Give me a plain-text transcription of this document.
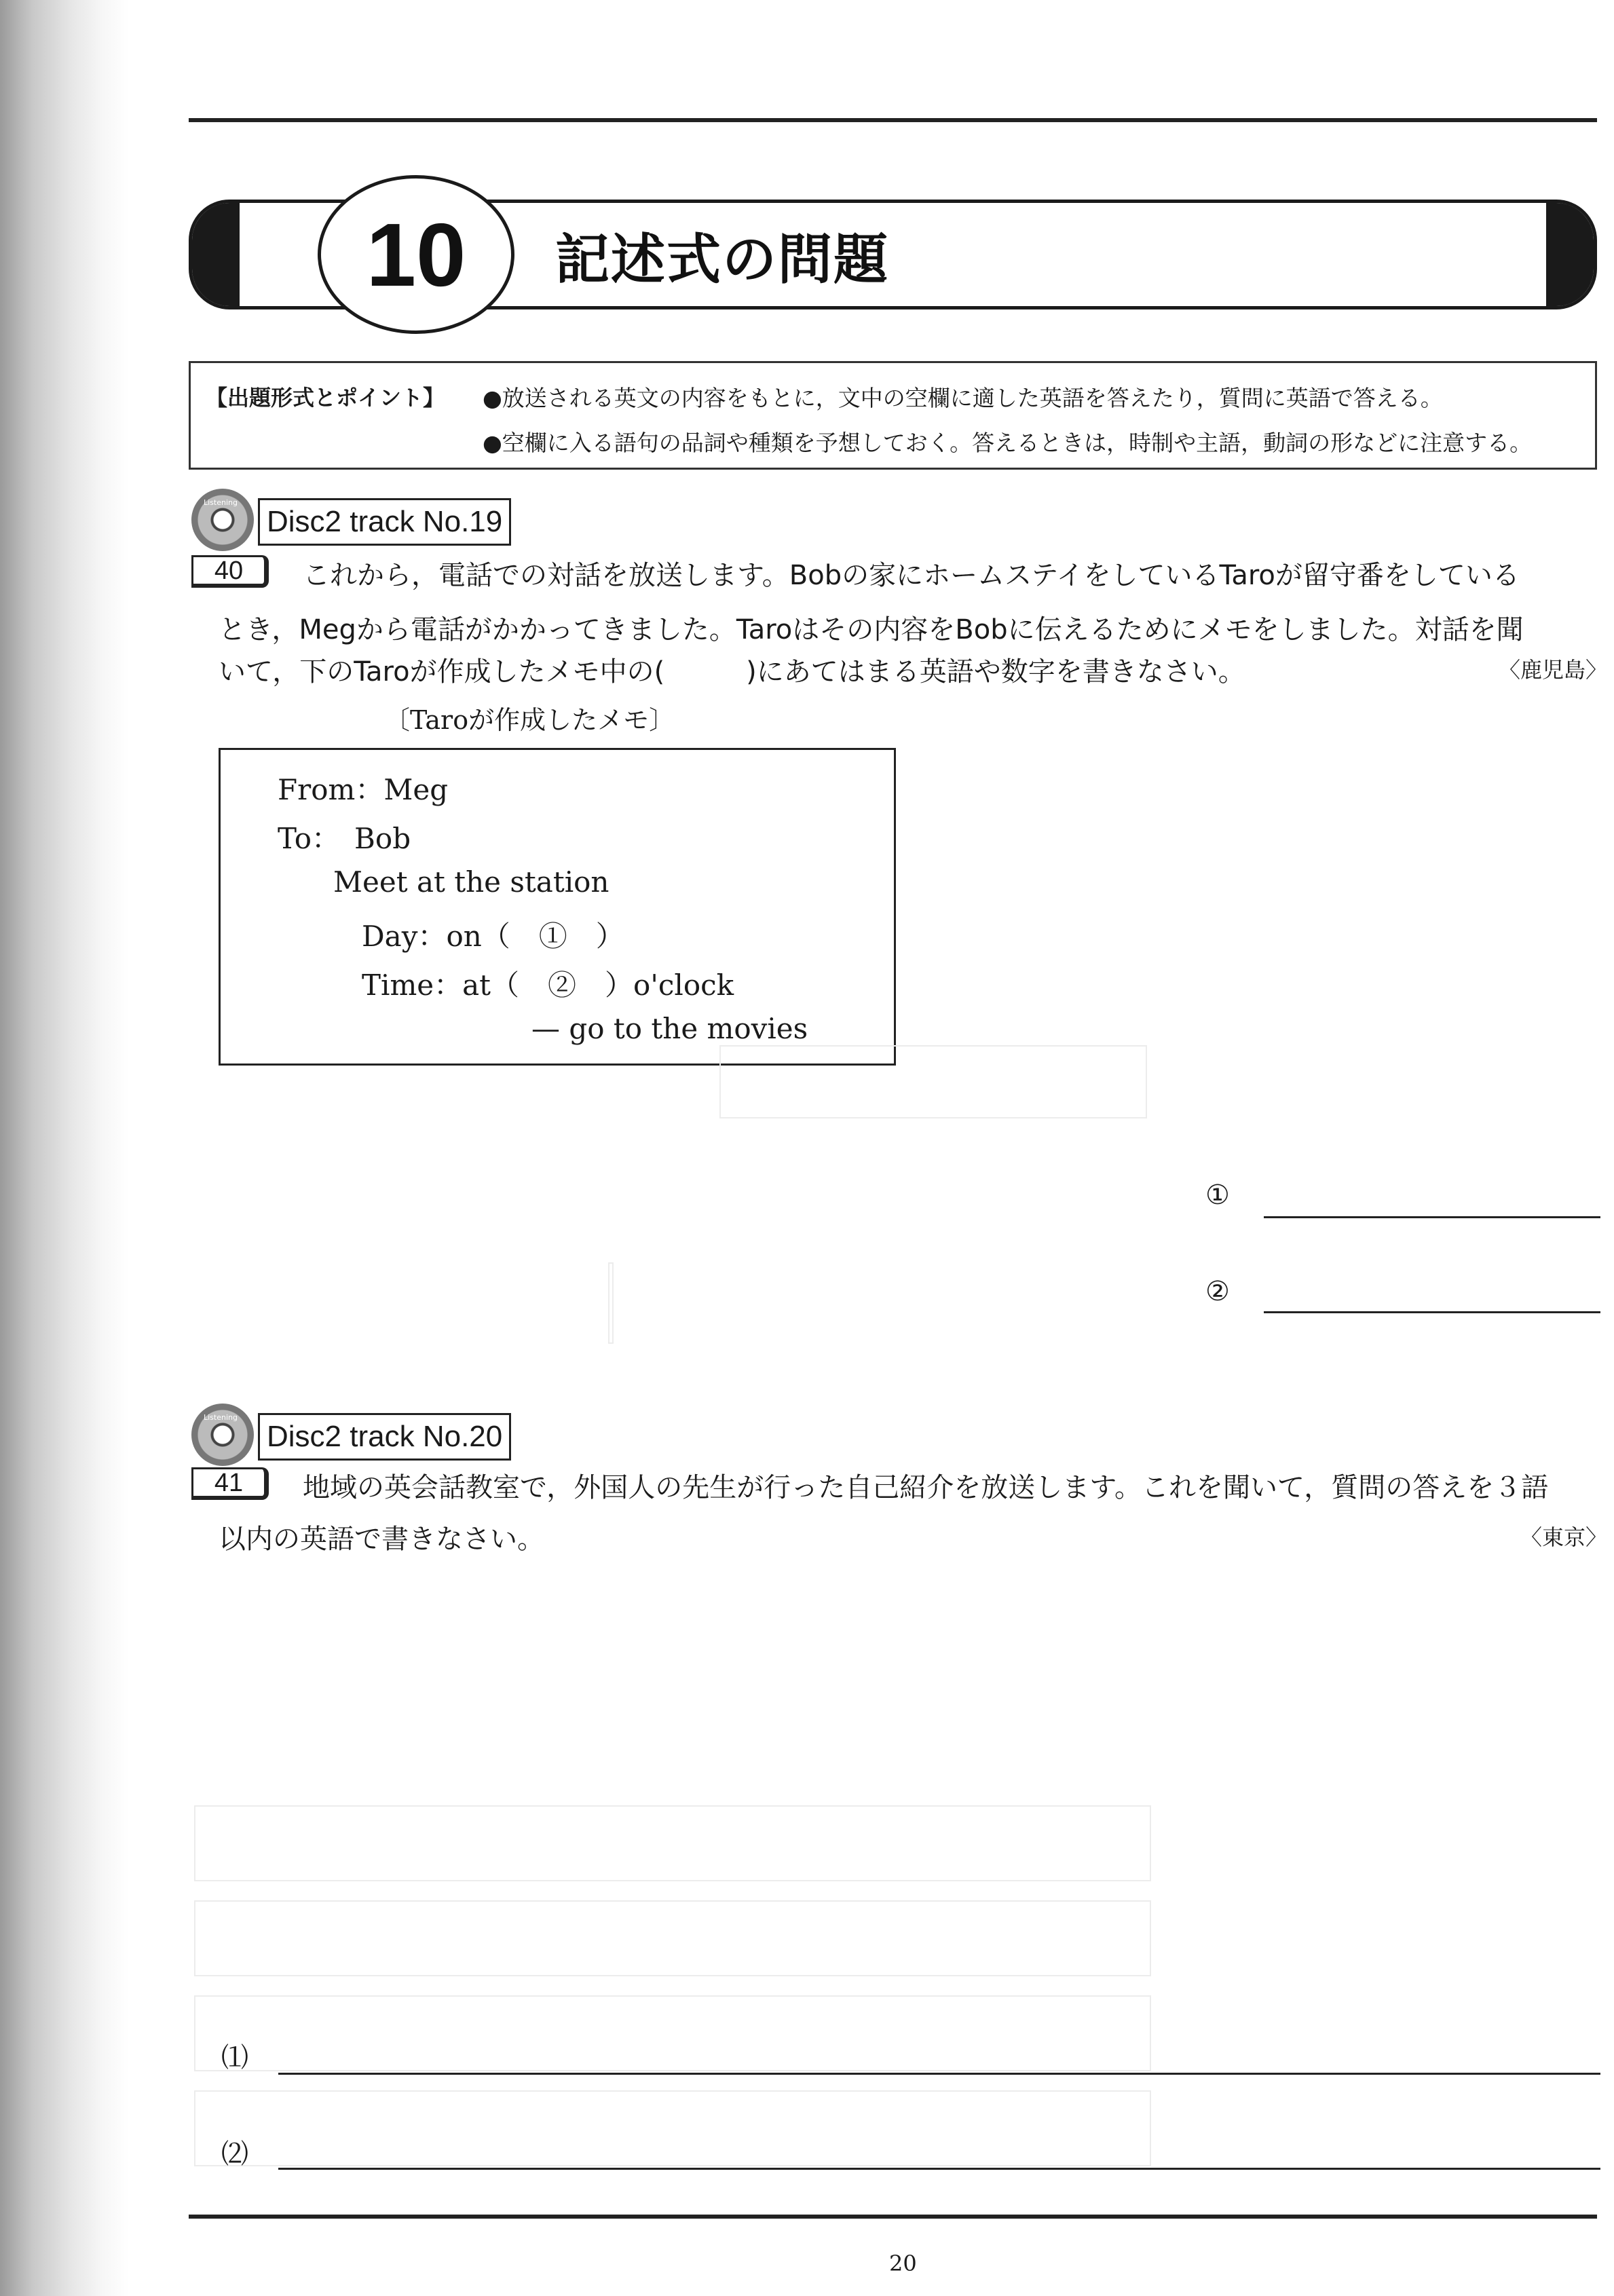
10	記述式の問題
【出題形式とポイント】 ●放送される英文の内容をもとに，文中の空欄に適した英語を答えたり，質問に英語で答える。
●空欄に入る語句の品詞や種類を予想しておく。答えるときは，時制や主語，動詞の形などに注意する。
Listening
Disc2 track No.19
40	これから，電話での対話を放送します。Bobの家にホームステイをしているTaroが留守番をしている
とき，Megから電話がかかってきました。Taroはその内容をBobに伝えるためにメモをしました。対話を聞
いて，下のTaroが作成したメモ中の(　　　)にあてはまる英語や数字を書きなさい。	〈鹿児島〉
〔Taroが作成したメモ〕
From：Meg
To：　Bob
Meet at the station
Day：on（　①　）
Time：at（　②　）o'clock
— go to the movies
①
②
Listening
Disc2 track No.20
41	地域の英会話教室で，外国人の先生が行った自己紹介を放送します。これを聞いて，質問の答えを３語
以内の英語で書きなさい。	〈東京〉
⑴
⑵
20
